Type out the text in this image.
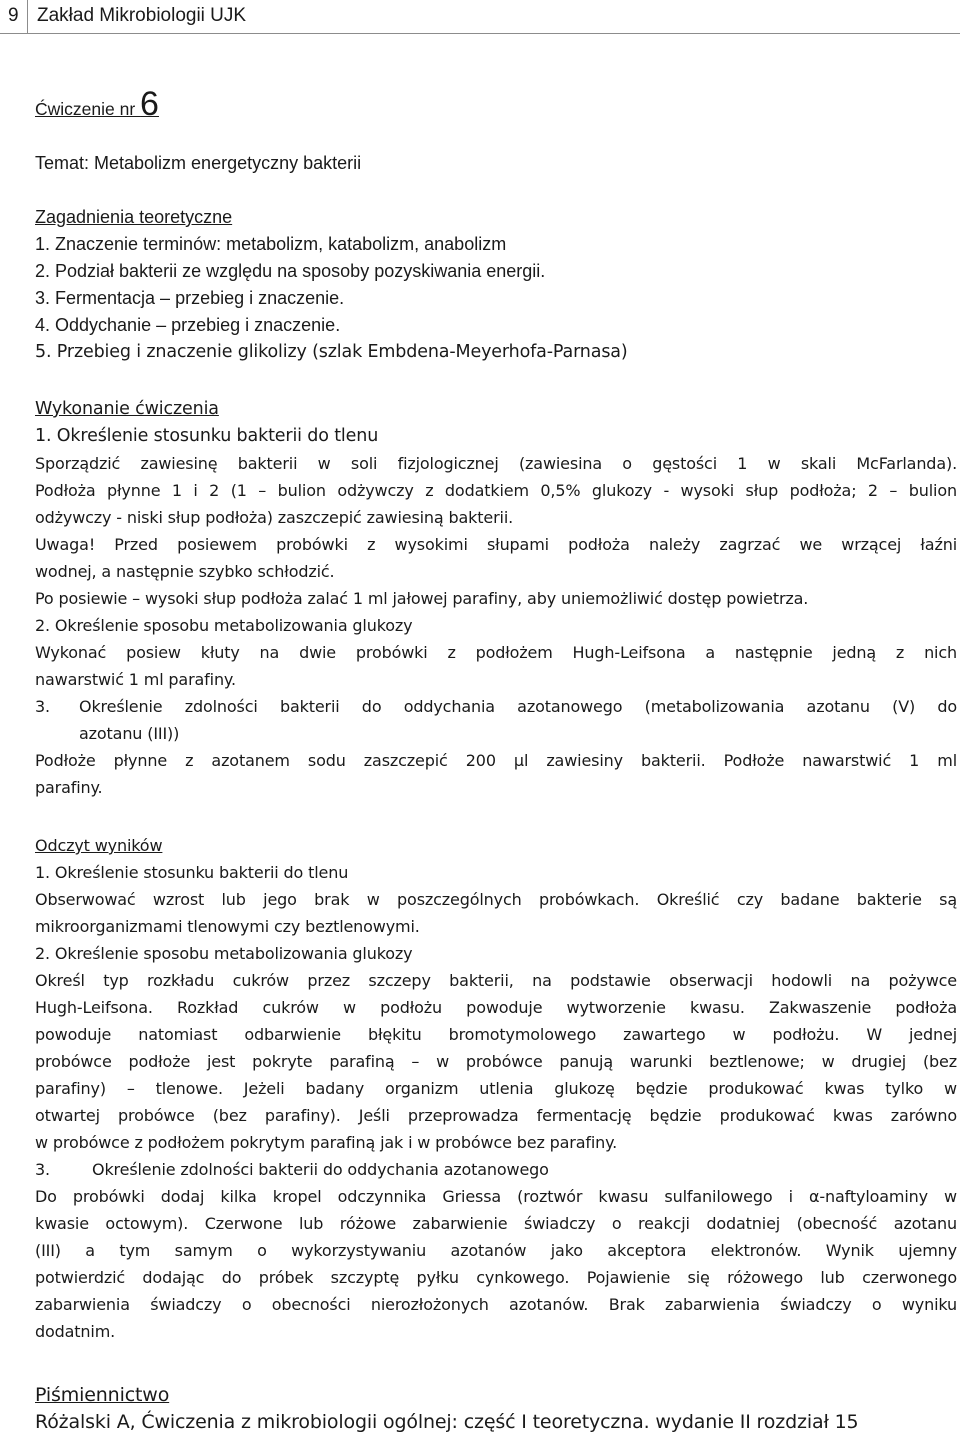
9 Zakład Mikrobiologii UJK
Ćwiczenie nr 6
Temat: Metabolizm energetyczny bakterii
Zagadnienia teoretyczne
1. Znaczenie terminów: metabolizm, katabolizm, anabolizm
2. Podział bakterii ze względu na sposoby pozyskiwania energii.
3. Fermentacja – przebieg i znaczenie.
4. Oddychanie – przebieg i znaczenie.
5. Przebieg i znaczenie glikolizy (szlak Embdena-Meyerhofa-Parnasa)
Wykonanie ćwiczenia
1. Określenie stosunku bakterii do tlenu
Sporządzić zawiesinę bakterii w soli fizjologicznej (zawiesina o gęstości 1 w skali McFarlanda).
Podłoża płynne 1 i 2 (1 – bulion odżywczy z dodatkiem 0,5% glukozy - wysoki słup podłoża; 2 – bulion
odżywczy - niski słup podłoża) zaszczepić zawiesiną bakterii.
Uwaga! Przed posiewem probówki z wysokimi słupami podłoża należy zagrzać we wrzącej łaźni
wodnej, a następnie szybko schłodzić.
Po posiewie – wysoki słup podłoża zalać 1 ml jałowej parafiny, aby uniemożliwić dostęp powietrza.
2. Określenie sposobu metabolizowania glukozy
Wykonać posiew kłuty na dwie probówki z podłożem Hugh-Leifsona a następnie jedną z nich
nawarstwić 1 ml parafiny.
3. Określenie zdolności bakterii do oddychania azotanowego (metabolizowania azotanu (V) do
azotanu (III))
Podłoże płynne z azotanem sodu zaszczepić 200 µl zawiesiny bakterii. Podłoże nawarstwić 1 ml
parafiny.
Odczyt wyników
1. Określenie stosunku bakterii do tlenu
Obserwować wzrost lub jego brak w poszczególnych probówkach. Określić czy badane bakterie są
mikroorganizmami tlenowymi czy beztlenowymi.
2. Określenie sposobu metabolizowania glukozy
Określ typ rozkładu cukrów przez szczepy bakterii, na podstawie obserwacji hodowli na pożywce
Hugh-Leifsona. Rozkład cukrów w podłożu powoduje wytworzenie kwasu. Zakwaszenie podłoża
powoduje natomiast odbarwienie błękitu bromotymolowego zawartego w podłożu. W jednej
probówce podłoże jest pokryte parafiną – w probówce panują warunki beztlenowe; w drugiej (bez
parafiny) – tlenowe. Jeżeli badany organizm utlenia glukozę będzie produkować kwas tylko w
otwartej probówce (bez parafiny). Jeśli przeprowadza fermentację będzie produkować kwas zarówno
w probówce z podłożem pokrytym parafiną jak i w probówce bez parafiny.
3.	Określenie zdolności bakterii do oddychania azotanowego
Do probówki dodaj kilka kropel odczynnika Griessa (roztwór kwasu sulfanilowego i α-naftyloaminy w
kwasie octowym). Czerwone lub różowe zabarwienie świadczy o reakcji dodatniej (obecność azotanu
(III) a tym samym o wykorzystywaniu azotanów jako akceptora elektronów. Wynik ujemny
potwierdzić dodając do próbek szczyptę pyłku cynkowego. Pojawienie się różowego lub czerwonego
zabarwienia świadczy o obecności nierozłożonych azotanów. Brak zabarwienia świadczy o wyniku
dodatnim.
Piśmiennictwo
Różalski A, Ćwiczenia z mikrobiologii ogólnej: część I teoretyczna. wydanie II rozdział 15
